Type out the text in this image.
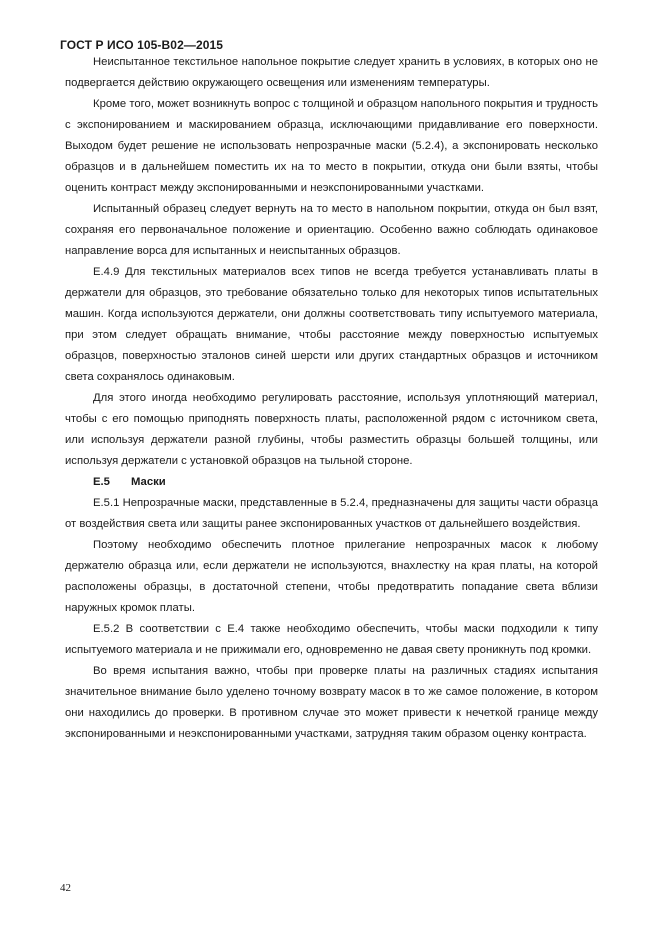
ГОСТ Р ИСО 105-B02—2015

Неиспытанное текстильное напольное покрытие следует хранить в условиях, в которых оно не подвергается действию окружающего освещения или изменениям температуры.

Кроме того, может возникнуть вопрос с толщиной и образцом напольного покрытия и трудность с экспонированием и маскированием образца, исключающими придавливание его поверхности. Выходом будет решение не использовать непрозрачные маски (5.2.4), а экспонировать несколько образцов и в дальнейшем поместить их на то место в покрытии, откуда они были взяты, чтобы оценить контраст между экспонированными и неэкспонированными участками.

Испытанный образец следует вернуть на то место в напольном покрытии, откуда он был взят, сохраняя его первоначальное положение и ориентацию. Особенно важно соблюдать одинаковое направление ворса для испытанных и неиспытанных образцов.

Е.4.9 Для текстильных материалов всех типов не всегда требуется устанавливать платы в держатели для образцов, это требование обязательно только для некоторых типов испытательных машин. Когда используются держатели, они должны соответствовать типу испытуемого материала, при этом следует обращать внимание, чтобы расстояние между поверхностью испытуемых образцов, поверхностью эталонов синей шерсти или других стандартных образцов и источником света сохранялось одинаковым.

Для этого иногда необходимо регулировать расстояние, используя уплотняющий материал, чтобы с его помощью приподнять поверхность платы, расположенной рядом с источником света, или используя держатели разной глубины, чтобы разместить образцы большей толщины, или используя держатели с установкой образцов на тыльной стороне.

Е.5 Маски

Е.5.1 Непрозрачные маски, представленные в 5.2.4, предназначены для защиты части образца от воздействия света или защиты ранее экспонированных участков от дальнейшего воздействия.

Поэтому необходимо обеспечить плотное прилегание непрозрачных масок к любому держателю образца или, если держатели не используются, внахлестку на края платы, на которой расположены образцы, в достаточной степени, чтобы предотвратить попадание света вблизи наружных кромок платы.

Е.5.2 В соответствии с Е.4 также необходимо обеспечить, чтобы маски подходили к типу испытуемого материала и не прижимали его, одновременно не давая свету проникнуть под кромки.

Во время испытания важно, чтобы при проверке платы на различных стадиях испытания значительное внимание было уделено точному возврату масок в то же самое положение, в котором они находились до проверки. В противном случае это может привести к нечеткой границе между экспонированными и неэкспонированными участками, затрудняя таким образом оценку контраста.

42
